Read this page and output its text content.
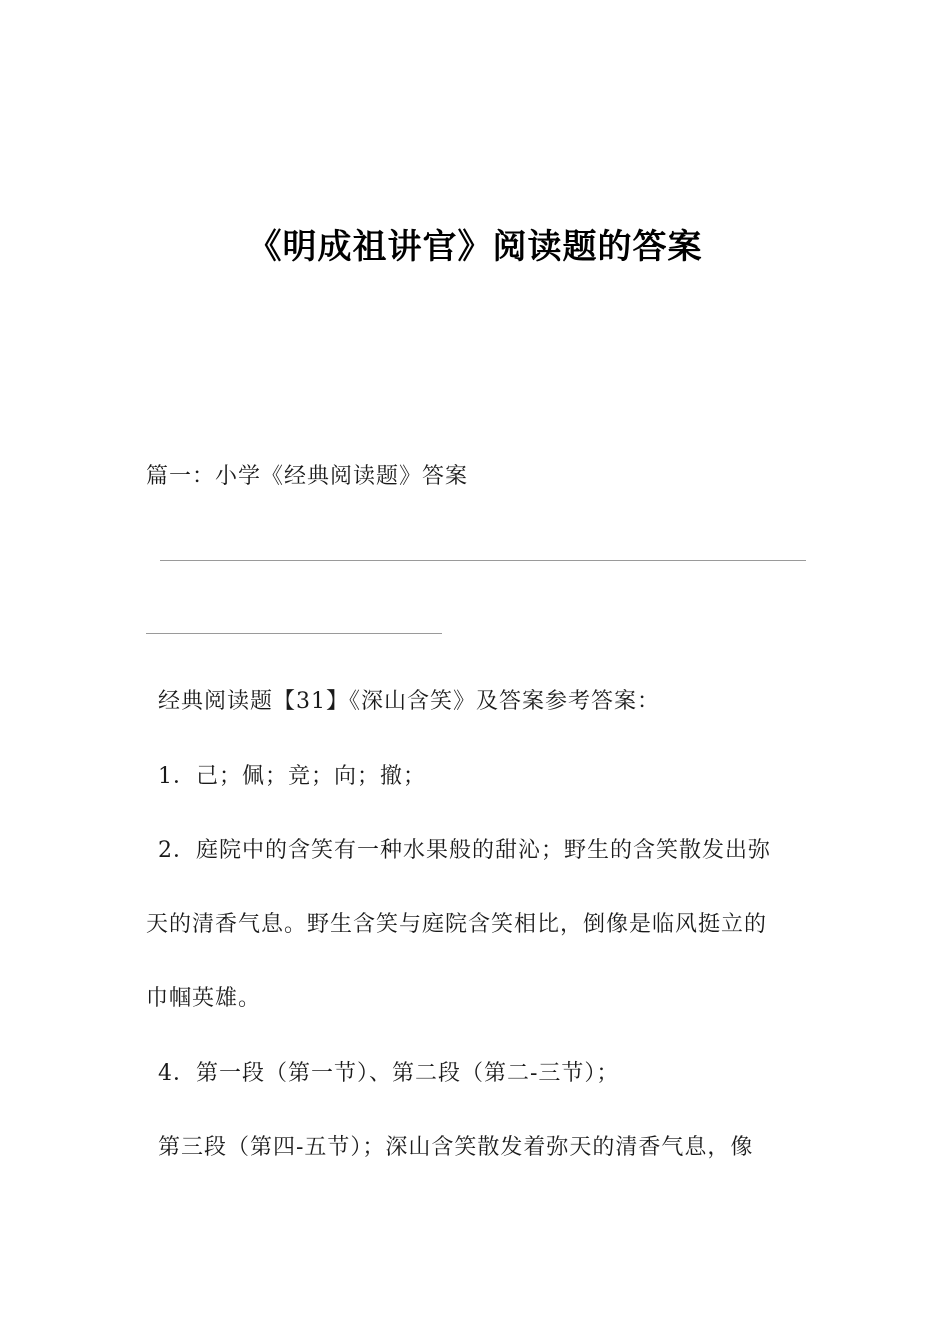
《明成祖讲官》阅读题的答案
篇一：小学《经典阅读题》答案
经典阅读题【31】《深山含笑》及答案参考答案：
1．己；佩；竞；向；撤；
2．庭院中的含笑有一种水果般的甜沁；野生的含笑散发出弥
天的清香气息。野生含笑与庭院含笑相比，倒像是临风挺立的
巾帼英雄。
4．第一段（第一节）、第二段（第二-三节）；
第三段（第四-五节）；深山含笑散发着弥天的清香气息，像
